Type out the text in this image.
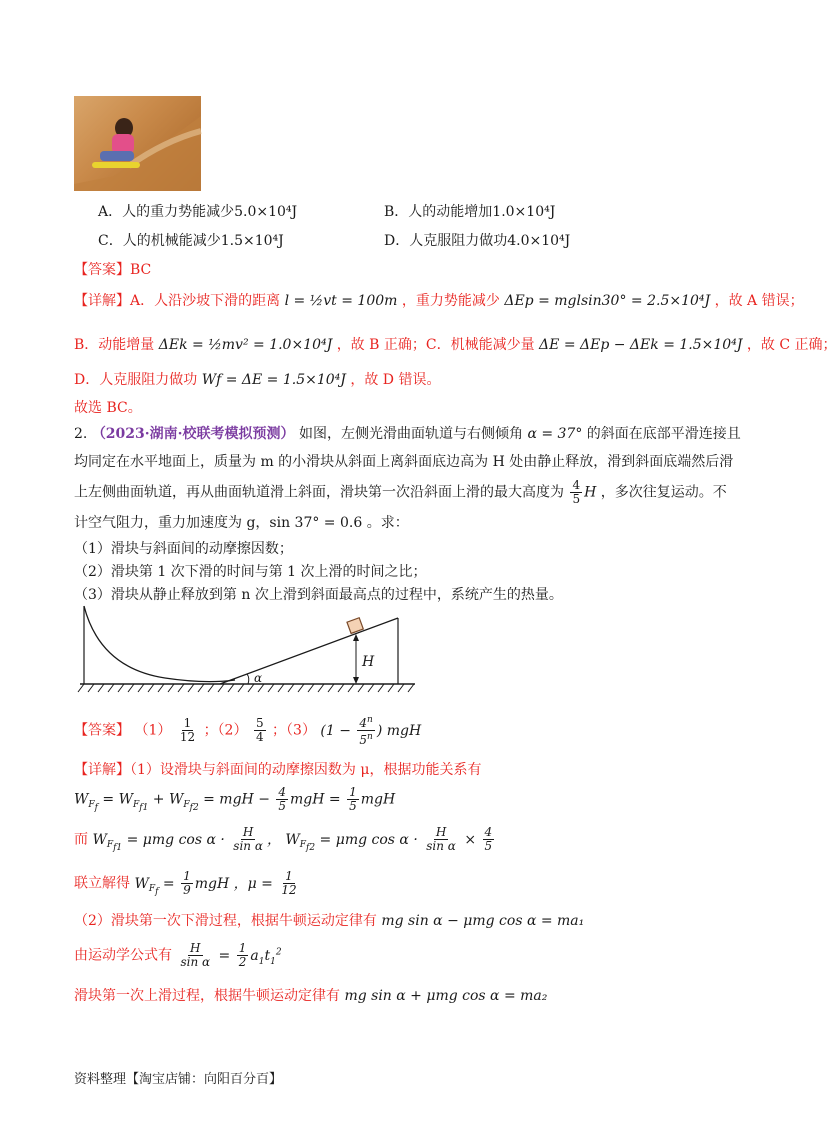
A．人的重力势能减少5.0×10⁴J	B．人的动能增加1.0×10⁴J
C．人的机械能减少1.5×10⁴J	D．人克服阻力做功4.0×10⁴J
【答案】BC
【详解】A．人沿沙坡下滑的距离 l = ½vt = 100m ，重力势能减少 ΔEp = mglsin30° = 2.5×10⁴J ，故 A 错误；
B．动能增量 ΔEk = ½mv² = 1.0×10⁴J ，故 B 正确；C．机械能减少量 ΔE = ΔEp − ΔEk = 1.5×10⁴J ，故 C 正确；
D．人克服阻力做功 Wf = ΔE = 1.5×10⁴J ，故 D 错误。
故选 BC。
2. （2023·湖南·校联考模拟预测） 如图，左侧光滑曲面轨道与右侧倾角 α = 37° 的斜面在底部平滑连接且
均同定在水平地面上，质量为 m 的小滑块从斜面上离斜面底边高为 H 处由静止释放，滑到斜面底端然后滑
上左侧曲面轨道，再从曲面轨道滑上斜面，滑块第一次沿斜面上滑的最大高度为 $\frac{4}{5}$ H ，多次往复运动。不
计空气阻力，重力加速度为 g，sin 37° = 0.6 。求：
（1）滑块与斜面间的动摩擦因数；
（2）滑块第 1 次下滑的时间与第 1 次上滑的时间之比；
（3）滑块从静止释放到第 n 次上滑到斜面最高点的过程中，系统产生的热量。
H
α
【答案】 $(1) \frac{1}{12}$ ；$(2) \frac{5}{4}$ ；（3） ($1 - \frac{4^n}{5^n}$ ) mgH
【详解】（1）设滑块与斜面间的动摩擦因数为 μ，根据功能关系有
$W_{F_f} = W_{F_{f1}} + W_{F_{f2}}$ = mgH − $\frac{4}{5}$ mgH = $\frac{1}{5}$ mgH
而 $W_{F_{f1}} = \mu mg$ $\cos \alpha \cdot \frac{H}{\text{sin α}}$ ， $W_{F_{f2}} = \mu mg$ $\cos \alpha \cdot \frac{H}{\text{sin α}} \times \frac{4}{5}$
联立解得 $W_{F_f} = \frac{1}{9}$ mgH ，$\mu = \frac{1}{12}$
（2）滑块第一次下滑过程，根据牛顿运动定律有 mg sin α − μmg cos α = ma₁
由运动学公式有 $\frac{H}{\text{sin α}} = \frac{1}{2} a_1t_1^2$
滑块第一次上滑过程，根据牛顿运动定律有 mg sin α + μmg cos α = ma₂
资料整理【淘宝店铺：向阳百分百】
